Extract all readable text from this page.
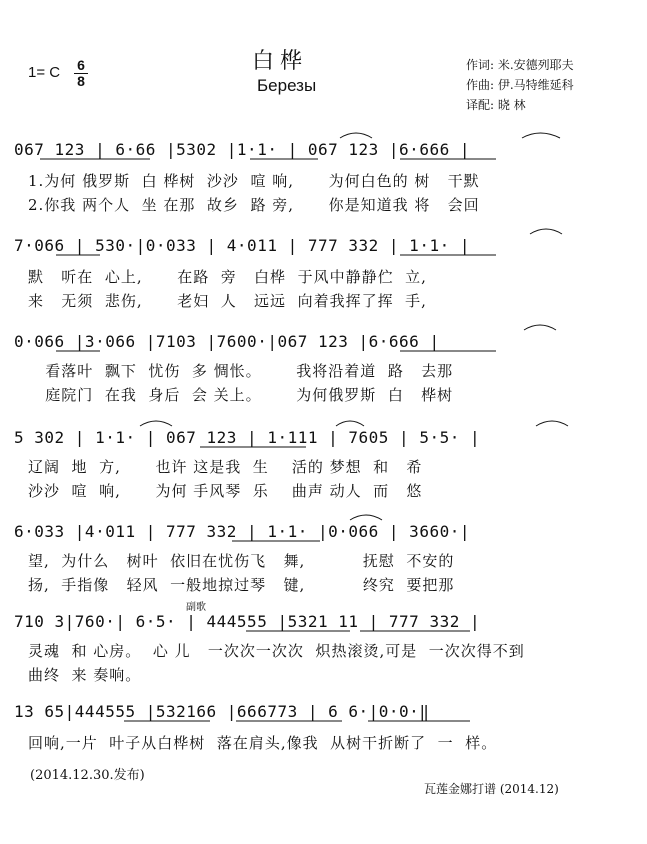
1= C $\frac{6}{8}$	白桦
Березы
作词: 米.安德列耶夫
作曲: 伊.马特维延科
译配: 晓 林
067 123 | 6·66 |5302 |1·1· | 067 123 |6·666 |
1.为何 俄罗斯  白 桦树  沙沙  喧 响,      为何白色的 树   干默
2.你我 两个人  坐 在那  故乡  路 旁,      你是知道我 将   会回
7·066 | 530·|0·033 | 4·011 | 777 332 | 1·1· |
默   听在  心上,      在路  旁   白桦  于风中静静伫  立,
来   无须  悲伤,      老妇  人   远远  向着我挥了挥  手,
0·066 |3·066 |7103 |7600·|067 123 |6·666 |
看落叶  飘下  忧伤  多 惆怅。      我将沿着道  路   去那
庭院门  在我  身后  会 关上。      为何俄罗斯  白   桦树
5 302 | 1·1· | 067 123 | 1·111 | 7605 | 5·5· |
辽阔  地  方,      也许 这是我  生    活的 梦想  和   希
沙沙  喧  响,      为何 手风琴  乐    曲声 动人  而   悠
6·033 |4·011 | 777 332 | 1·1· |0·066 | 3660·|
望,  为什么   树叶  依旧在忧伤飞   舞,          抚慰  不安的
扬,  手指像   轻风  一般地掠过琴   键,          终究  要把那
副歌
710 3|760·| 6·5· | 444555 |5321 11 | 777 332 |
灵魂  和 心房。  心 儿   一次次一次次  炽热滚烫,可是  一次次得不到
曲终  来 奏响。
13 65|444555 |532166 |666773 | 6 6·|0·0·‖
回响,一片  叶子从白桦树  落在肩头,像我  从树干折断了  一  样。
(2014.12.30.发布)
瓦莲金娜打谱 (2014.12)
